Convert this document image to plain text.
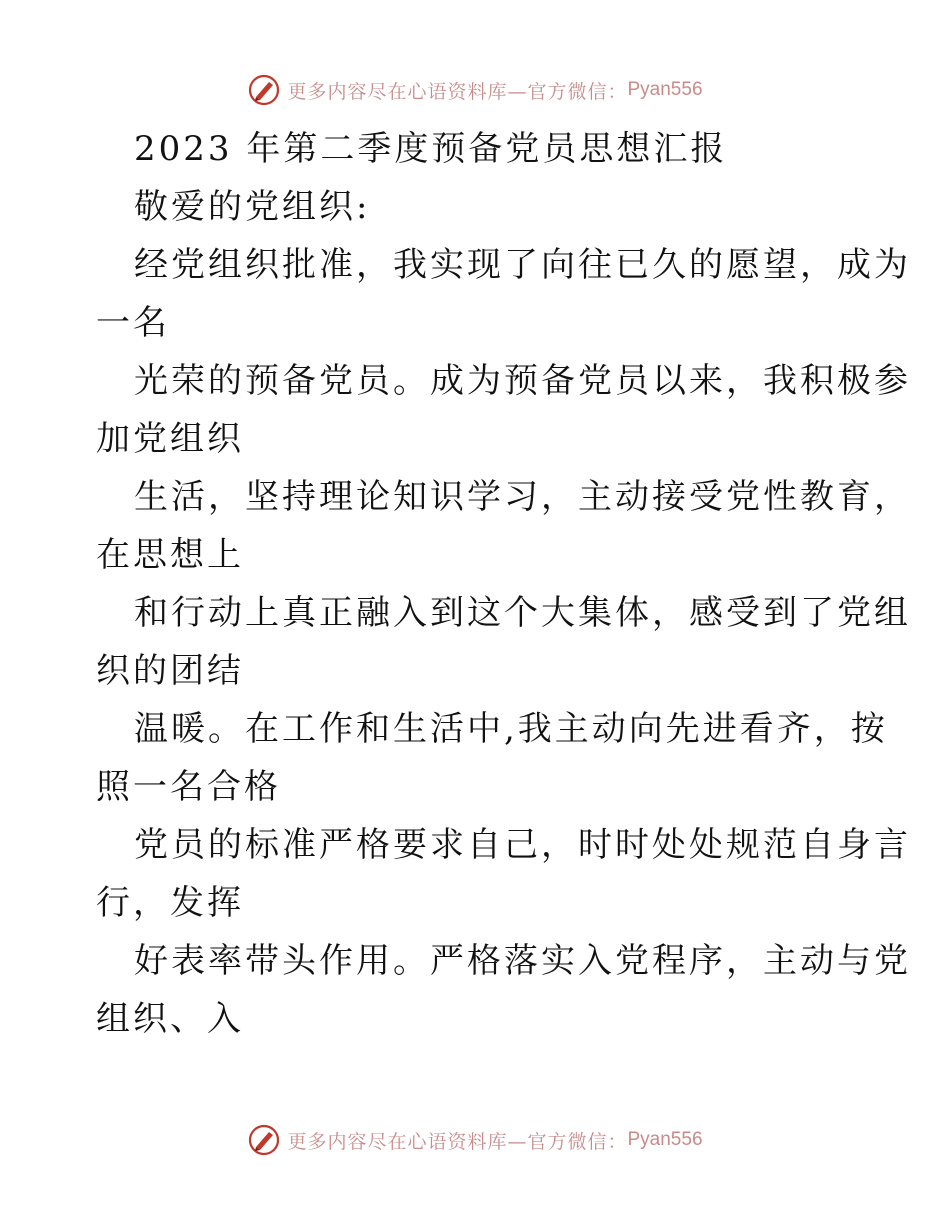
更多内容尽在心语资料库—官方微信： Pyan556
2023 年第二季度预备党员思想汇报
敬爱的党组织:
经党组织批准，我实现了向往已久的愿望，成为
一名
光荣的预备党员。成为预备党员以来，我积极参
加党组织
生活，坚持理论知识学习，主动接受党性教育，
在思想上
和行动上真正融入到这个大集体，感受到了党组
织的团结
温暖。在工作和生活中,我主动向先进看齐，按
照一名合格
党员的标准严格要求自己，时时处处规范自身言
行，发挥
好表率带头作用。严格落实入党程序，主动与党
组织、入
更多内容尽在心语资料库—官方微信： Pyan556
